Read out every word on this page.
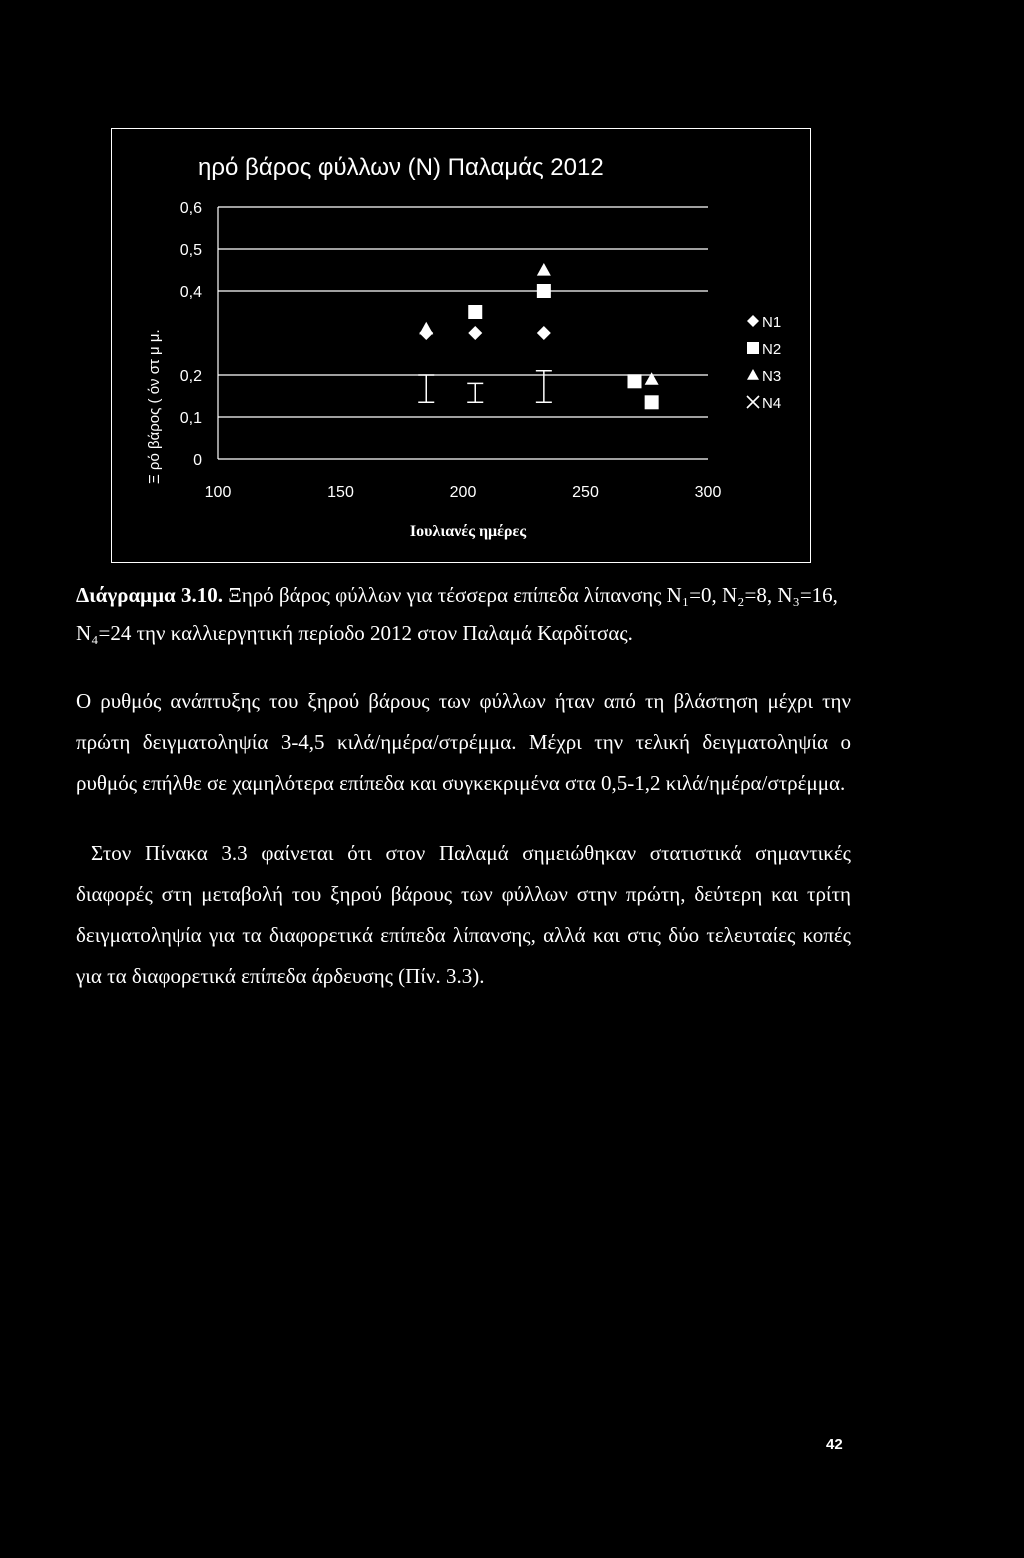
ηρό βάρος φύλλων (N) Παλαμάς 2012
Ξ ρό βάρος ( όν στ μ μ. 0
0,1
0,2
0,4
0,5
0,6
100	150	200	250	300
N1
N2
N3
N4
Ιουλιανές ημέρες

Διάγραμμα 3.10. Ξηρό βάρος φύλλων για τέσσερα επίπεδα λίπανσης N₁=0, N₂=8, N₃=16, N₄=24 την καλλιεργητική περίοδο 2012 στον Παλαμά Καρδίτσας.

Ο ρυθμός ανάπτυξης του ξηρού βάρους των φύλλων ήταν από τη βλάστηση μέχρι την πρώτη δειγματοληψία 3-4,5 κιλά/ημέρα/στρέμμα. Μέχρι την τελική δειγματοληψία ο ρυθμός επήλθε σε χαμηλότερα επίπεδα και συγκεκριμένα στα 0,5-1,2 κιλά/ημέρα/στρέμμα.

Στον Πίνακα 3.3 φαίνεται ότι στον Παλαμά σημειώθηκαν στατιστικά σημαντικές διαφορές στη μεταβολή του ξηρού βάρους των φύλλων στην πρώτη, δεύτερη και τρίτη δειγματοληψία για τα διαφορετικά επίπεδα λίπανσης, αλλά και στις δύο τελευταίες κοπές για τα διαφορετικά επίπεδα άρδευσης (Πίν. 3.3).

42
